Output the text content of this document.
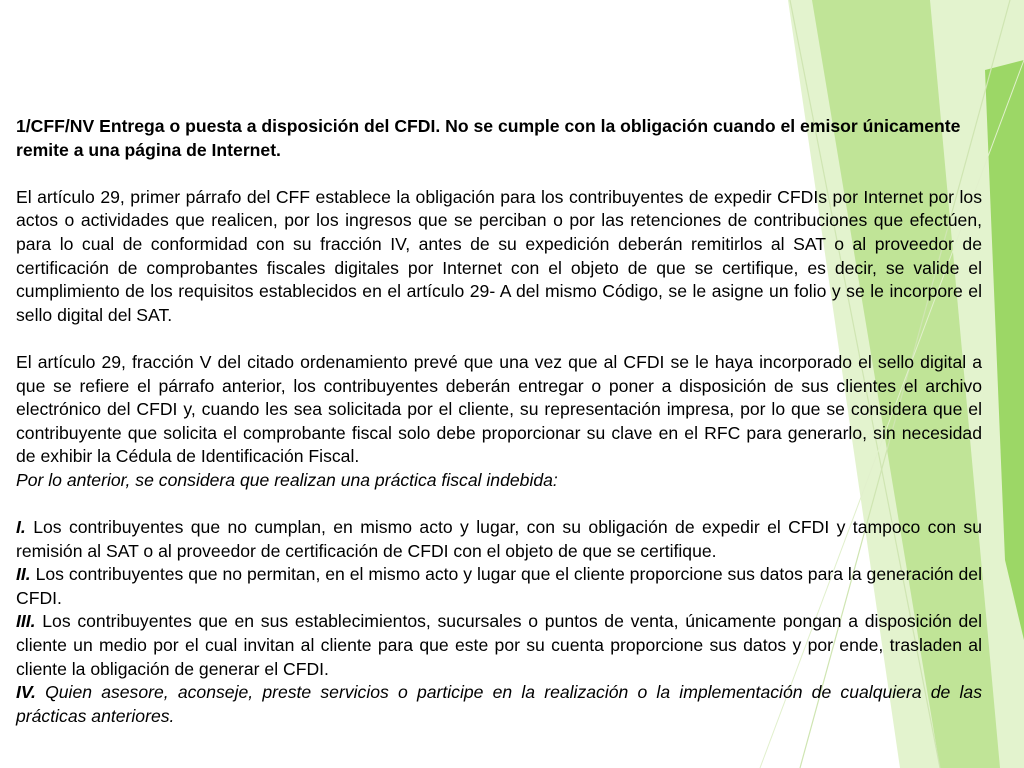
1/CFF/NV Entrega o puesta a disposición del CFDI. No se cumple con la obligación cuando el emisor únicamente remite a una página de Internet.

El artículo 29, primer párrafo del CFF establece la obligación para los contribuyentes de expedir CFDIs por Internet por los actos o actividades que realicen, por los ingresos que se perciban o por las retenciones de contribuciones que efectúen, para lo cual de conformidad con su fracción IV, antes de su expedición deberán remitirlos al SAT o al proveedor de certificación de comprobantes fiscales digitales por Internet con el objeto de que se certifique, es decir, se valide el cumplimiento de los requisitos establecidos en el artículo 29- A del mismo Código, se le asigne un folio y se le incorpore el sello digital del SAT.

El artículo 29, fracción V del citado ordenamiento prevé que una vez que al CFDI se le haya incorporado el sello digital a que se refiere el párrafo anterior, los contribuyentes deberán entregar o poner a disposición de sus clientes el archivo electrónico del CFDI y, cuando les sea solicitada por el cliente, su representación impresa, por lo que se considera que el contribuyente que solicita el comprobante fiscal solo debe proporcionar su clave en el RFC para generarlo, sin necesidad de exhibir la Cédula de Identificación Fiscal.

Por lo anterior, se considera que realizan una práctica fiscal indebida:

I. Los contribuyentes que no cumplan, en mismo acto y lugar, con su obligación de expedir el CFDI y tampoco con su remisión al SAT o al proveedor de certificación de CFDI con el objeto de que se certifique.

II. Los contribuyentes que no permitan, en el mismo acto y lugar que el cliente proporcione sus datos para la generación del CFDI.

III. Los contribuyentes que en sus establecimientos, sucursales o puntos de venta, únicamente pongan a disposición del cliente un medio por el cual invitan al cliente para que este por su cuenta proporcione sus datos y por ende, trasladen al cliente la obligación de generar el CFDI.

IV. Quien asesore, aconseje, preste servicios o participe en la realización o la implementación de cualquiera de las prácticas anteriores.
